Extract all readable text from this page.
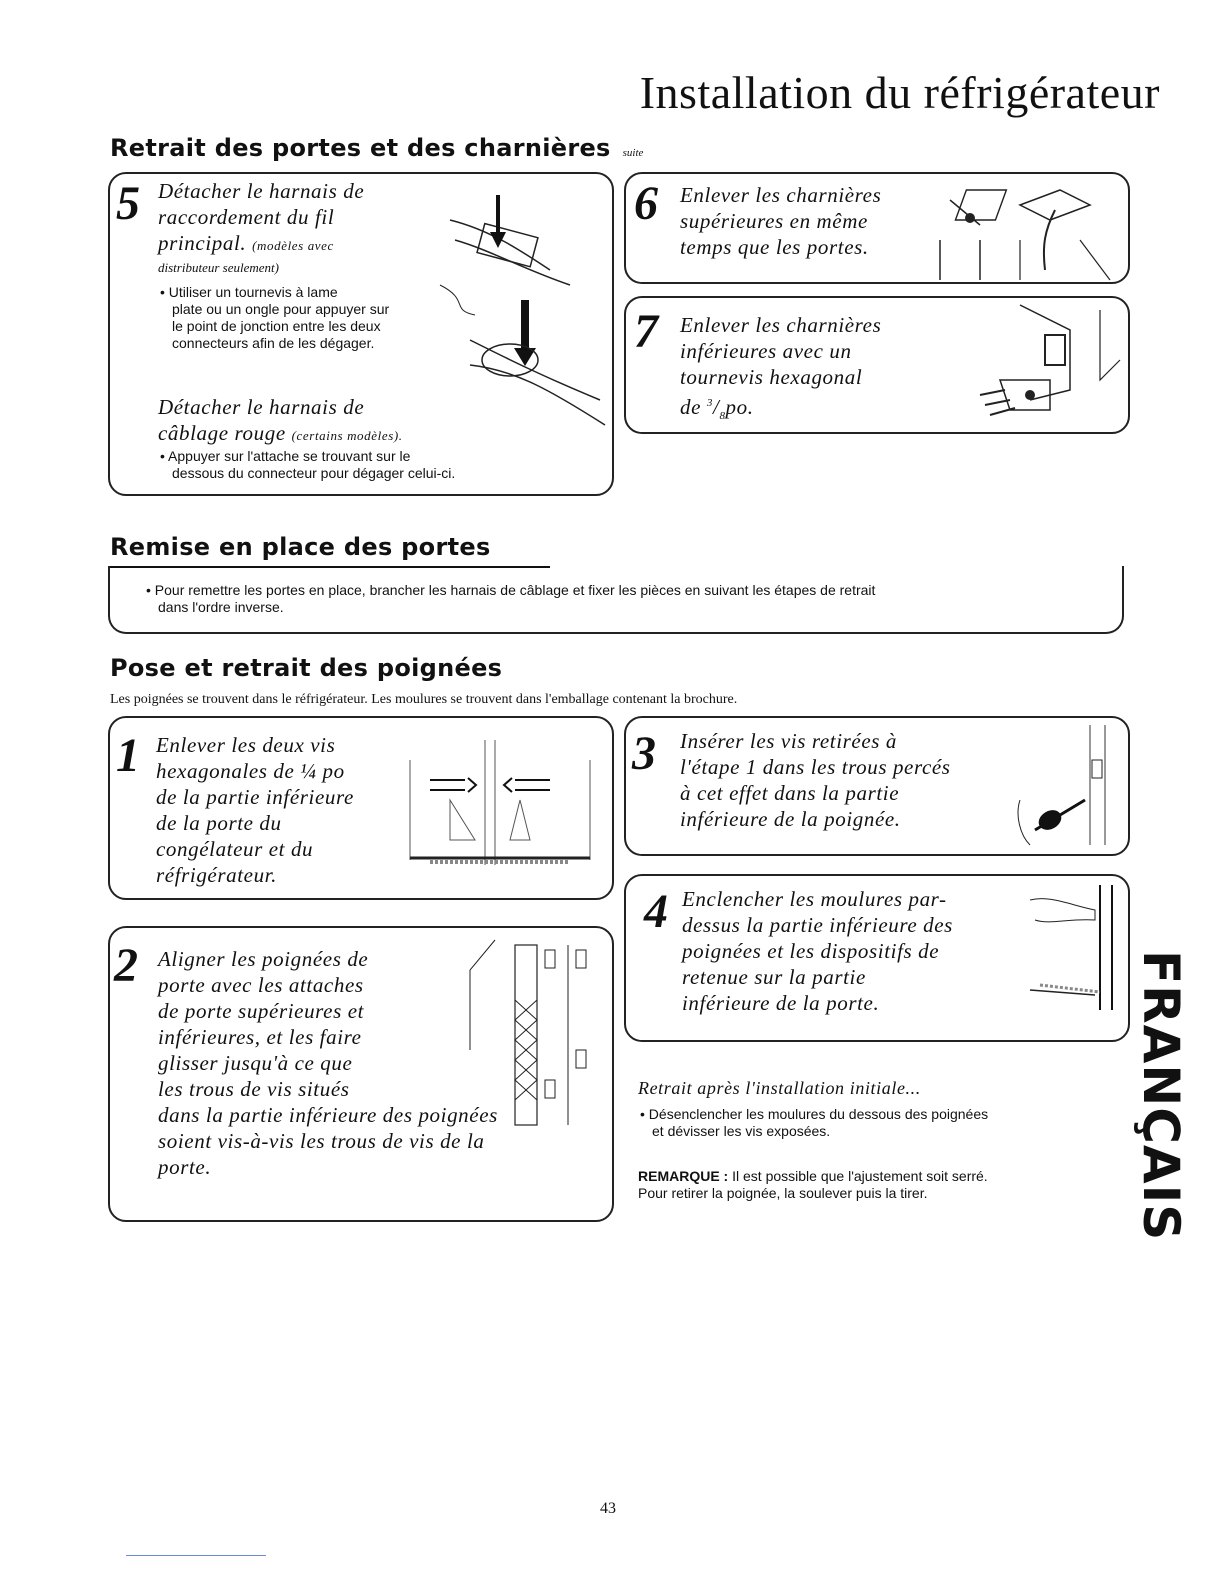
Installation du réfrigérateur
Retrait des portes et des charnières suite
5 Détacher le harnais de
raccordement du fil
principal. (modèles avec
distributeur seulement)
• Utiliser un tournevis à lame
plate ou un ongle pour appuyer sur
le point de jonction entre les deux
connecteurs afin de les dégager.
Détacher le harnais de
câblage rouge (certains modèles).
• Appuyer sur l'attache se trouvant sur le
dessous du connecteur pour dégager celui-ci.
6 Enlever les charnières
supérieures en même
temps que les portes.
7 Enlever les charnières
inférieures avec un
tournevis hexagonal
de $^3/_8po$.
Remise en place des portes
• Pour remettre les portes en place, brancher les harnais de câblage et fixer les pièces en suivant les étapes de retrait
dans l'ordre inverse.
Pose et retrait des poignées
Les poignées se trouvent dans le réfrigérateur. Les moulures se trouvent dans l'emballage contenant la brochure.
1 Enlever les deux vis
hexagonales de ¼ po
de la partie inférieure
de la porte du
congélateur et du
réfrigérateur.
2 Aligner les poignées de
porte avec les attaches
de porte supérieures et
inférieures, et les faire
glisser jusqu'à ce que
les trous de vis situés
dans la partie inférieure des poignées
soient vis-à-vis les trous de vis de la
porte.
3 Insérer les vis retirées à
l'étape 1 dans les trous percés
à cet effet dans la partie
inférieure de la poignée.
4 Enclencher les moulures par-
dessus la partie inférieure des
poignées et les dispositifs de
retenue sur la partie
inférieure de la porte.
Retrait après l'installation initiale...
• Désenclencher les moulures du dessous des poignées
et dévisser les vis exposées.
REMARQUE : Il est possible que l'ajustement soit serré.
Pour retirer la poignée, la soulever puis la tirer.	FRANÇAIS
43
